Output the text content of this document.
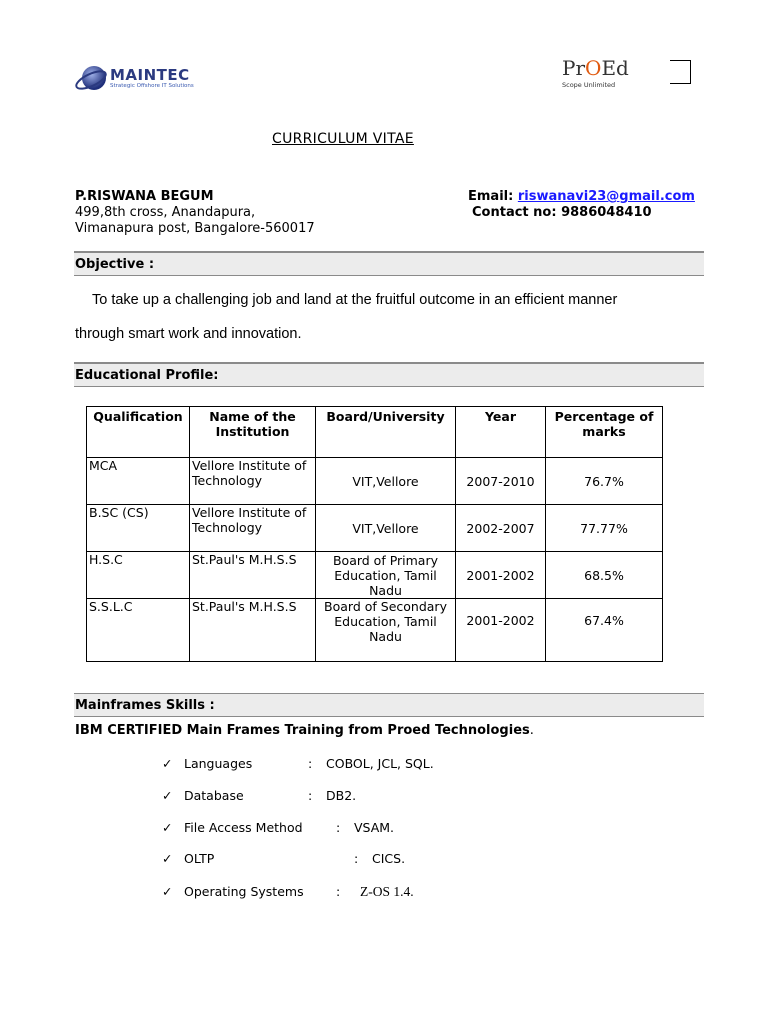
MAINTEC
Strategic Offshore IT Solutions
PrOEd
Scope Unlimited
CURRICULUM VITAE
P.RISWANA BEGUM
499,8th cross, Anandapura,
Vimanapura post, Bangalore-560017
Email: riswanavi23@gmail.com
Contact no: 9886048410
Objective :
To take up a challenging job and land at the fruitful outcome in an efficient manner
through smart work and innovation.
Educational Profile:
Qualification	Name of the Institution	Board/University	Year	Percentage of marks
MCA	Vellore Institute of Technology	VIT,Vellore	2007-2010	76.7%
B.SC (CS)	Vellore Institute of Technology	VIT,Vellore	2002-2007	77.77%
H.S.C	St.Paul's M.H.S.S	Board of Primary Education, Tamil Nadu	2001-2002	68.5%
S.S.L.C	St.Paul's M.H.S.S	Board of Secondary Education, Tamil Nadu	2001-2002	67.4%
Mainframes Skills :
IBM CERTIFIED Main Frames Training from Proed Technologies.
✓ Languages	: COBOL, JCL, SQL.
✓ Database	: DB2.
✓ File Access Method	: VSAM.
✓ OLTP	: CICS.
✓ Operating Systems	: Z-OS 1.4.
